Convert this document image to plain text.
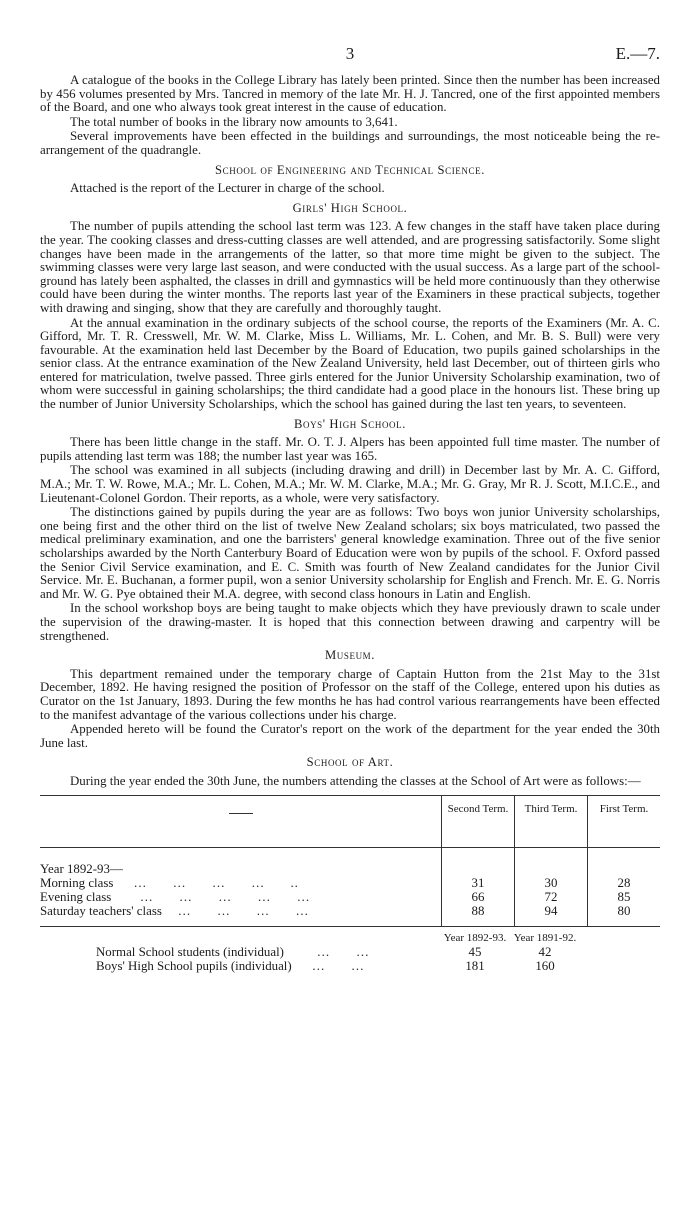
3	E.—7.

A catalogue of the books in the College Library has lately been printed. Since then the number has been increased by 456 volumes presented by Mrs. Tancred in memory of the late Mr. H. J. Tancred, one of the first appointed members of the Board, and one who always took great interest in the cause of education.

The total number of books in the library now amounts to 3,641.

Several improvements have been effected in the buildings and surroundings, the most noticeable being the re-arrangement of the quadrangle.

School of Engineering and Technical Science.

Attached is the report of the Lecturer in charge of the school.

Girls' High School.

The number of pupils attending the school last term was 123. A few changes in the staff have taken place during the year. The cooking classes and dress-cutting classes are well attended, and are progressing satisfactorily. Some slight changes have been made in the arrangements of the latter, so that more time might be given to the subject. The swimming classes were very large last season, and were conducted with the usual success. As a large part of the school-ground has lately been asphalted, the classes in drill and gymnastics will be held more continuously than they otherwise could have been during the winter months. The reports last year of the Examiners in these practical subjects, together with drawing and singing, show that they are carefully and thoroughly taught.

At the annual examination in the ordinary subjects of the school course, the reports of the Examiners (Mr. A. C. Gifford, Mr. T. R. Cresswell, Mr. W. M. Clarke, Miss L. Williams, Mr. L. Cohen, and Mr. B. S. Bull) were very favourable. At the examination held last December by the Board of Education, two pupils gained scholarships in the senior class. At the entrance examination of the New Zealand University, held last December, out of thirteen girls who entered for matriculation, twelve passed. Three girls entered for the Junior University Scholarship examination, two of whom were successful in gaining scholarships; the third candidate had a good place in the honours list. These bring up the number of Junior University Scholarships, which the school has gained during the last ten years, to seventeen.

Boys' High School.

There has been little change in the staff. Mr. O. T. J. Alpers has been appointed full time master. The number of pupils attending last term was 188; the number last year was 165.

The school was examined in all subjects (including drawing and drill) in December last by Mr. A. C. Gifford, M.A.; Mr. T. W. Rowe, M.A.; Mr. L. Cohen, M.A.; Mr. W. M. Clarke, M.A.; Mr. G. Gray, Mr R. J. Scott, M.I.C.E., and Lieutenant-Colonel Gordon. Their reports, as a whole, were very satisfactory.

The distinctions gained by pupils during the year are as follows: Two boys won junior University scholarships, one being first and the other third on the list of twelve New Zealand scholars; six boys matriculated, two passed the medical preliminary examination, and one the barristers' general knowledge examination. Three out of the five senior scholarships awarded by the North Canterbury Board of Education were won by pupils of the school. F. Oxford passed the Senior Civil Service examination, and E. C. Smith was fourth of New Zealand candidates for the Junior Civil Service. Mr. E. Buchanan, a former pupil, won a senior University scholarship for English and French. Mr. E. G. Norris and Mr. W. G. Pye obtained their M.A. degree, with second class honours in Latin and English.

In the school workshop boys are being taught to make objects which they have previously drawn to scale under the supervision of the drawing-master. It is hoped that this connection between drawing and carpentry will be strengthened.

Museum.

This department remained under the temporary charge of Captain Hutton from the 21st May to the 31st December, 1892. He having resigned the position of Professor on the staff of the College, entered upon his duties as Curator on the 1st January, 1893. During the few months he has had control various rearrangements have been effected to the manifest advantage of the various collections under his charge.

Appended hereto will be found the Curator's report on the work of the department for the year ended the 30th June last.

School of Art.

During the year ended the 30th June, the numbers attending the classes at the School of Art were as follows:—

	Second Term.	Third Term.	First Term.

Year 1892-93—			
Morning class     …      …      …      …      ..	31	30	28
Evening class       …      …      …      …      …	66	72	85
Saturday teachers' class    …      …      …      …	88	94	80

	Year 1892-93.	Year 1891-92.	
Normal School students (individual)        …      …	45	42	
Boys' High School pupils (individual)     …      …	181	160	
